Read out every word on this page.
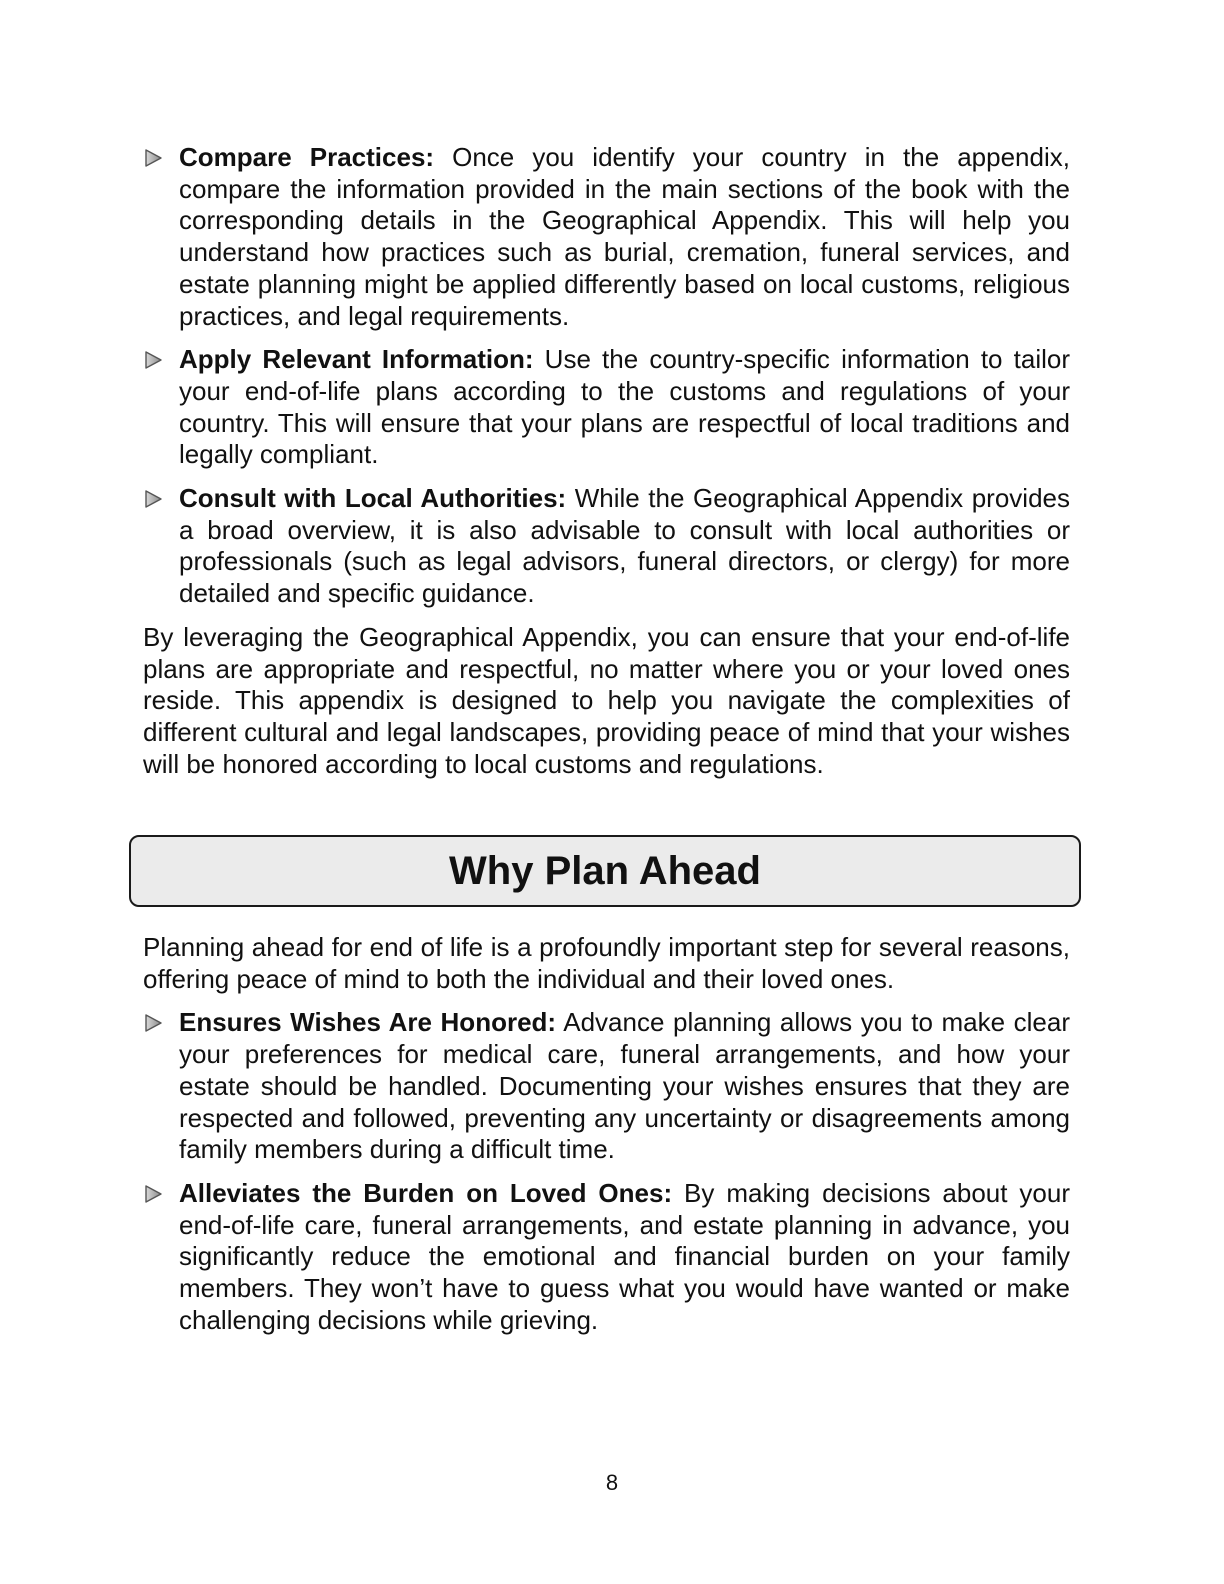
Compare Practices: Once you identify your country in the appendix, compare the information provided in the main sections of the book with the corresponding details in the Geographical Appendix. This will help you understand how practices such as burial, cremation, funeral services, and estate planning might be applied differently based on local customs, religious practices, and legal requirements.
Apply Relevant Information: Use the country-specific information to tailor your end-of-life plans according to the customs and regulations of your country. This will ensure that your plans are respectful of local traditions and legally compliant.
Consult with Local Authorities: While the Geographical Appendix provides a broad overview, it is also advisable to consult with local authorities or professionals (such as legal advisors, funeral directors, or clergy) for more detailed and specific guidance.

By leveraging the Geographical Appendix, you can ensure that your end-of-life plans are appropriate and respectful, no matter where you or your loved ones reside. This appendix is designed to help you navigate the complexities of different cultural and legal landscapes, providing peace of mind that your wishes will be honored according to local customs and regulations.

Why Plan Ahead

Planning ahead for end of life is a profoundly important step for several reasons, offering peace of mind to both the individual and their loved ones.

Ensures Wishes Are Honored: Advance planning allows you to make clear your preferences for medical care, funeral arrangements, and how your estate should be handled. Documenting your wishes ensures that they are respected and followed, preventing any uncertainty or disagreements among family members during a difficult time.
Alleviates the Burden on Loved Ones: By making decisions about your end-of-life care, funeral arrangements, and estate planning in advance, you significantly reduce the emotional and financial burden on your family members. They won’t have to guess what you would have wanted or make challenging decisions while grieving.
8
